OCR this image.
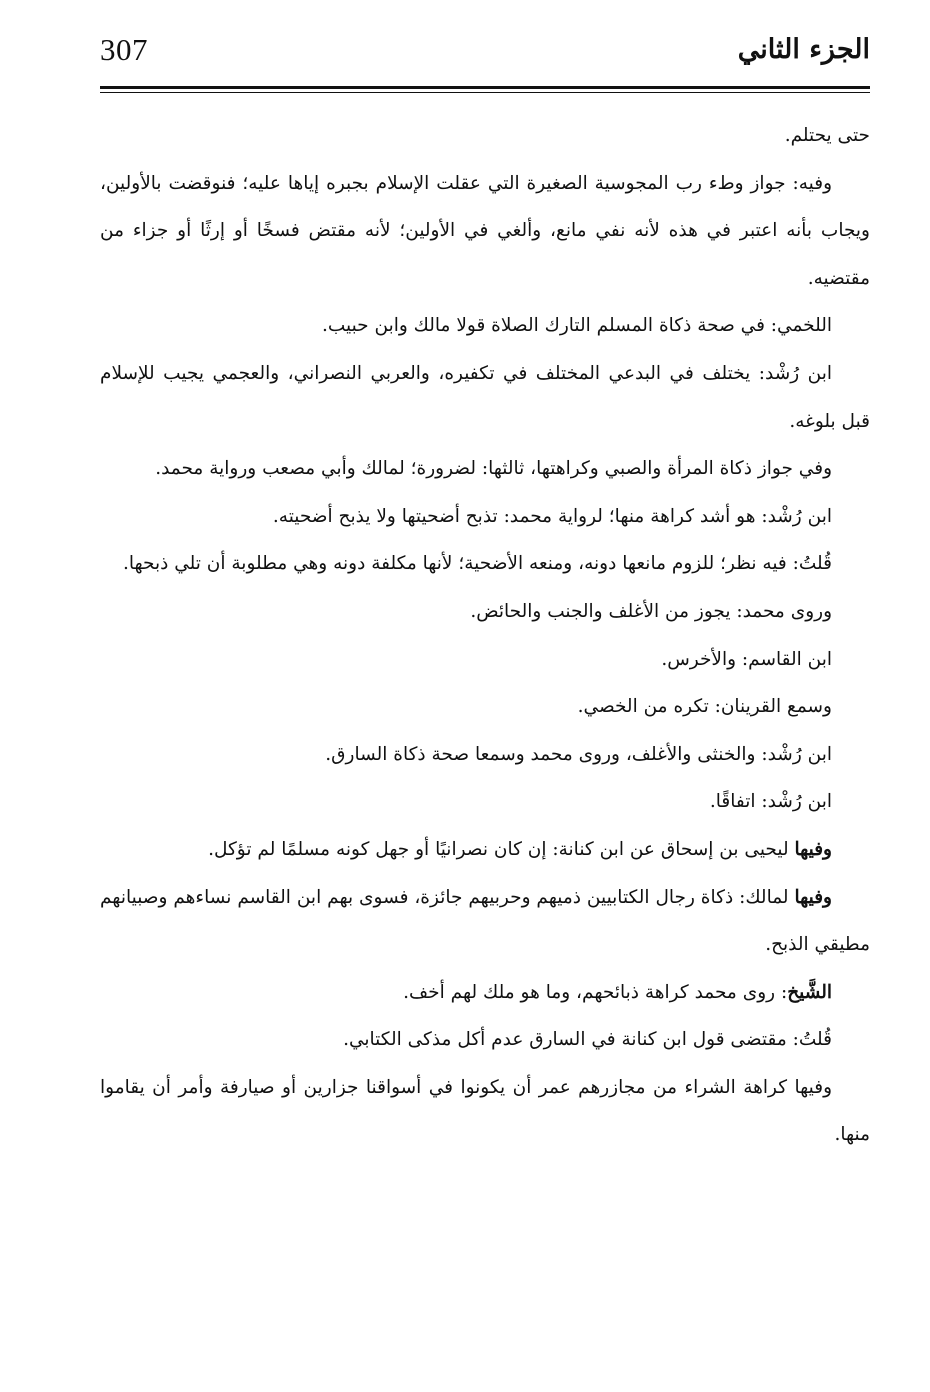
307	الجزء الثاني

حتى يحتلم.

وفيه: جواز وطء رب المجوسية الصغيرة التي عقلت الإسلام بجبره إياها عليه؛ فنوقضت بالأولين، ويجاب بأنه اعتبر في هذه لأنه نفي مانع، وألغي في الأولين؛ لأنه مقتض فسخًا أو إرثًا أو جزاء من مقتضيه.

اللخمي: في صحة ذكاة المسلم التارك الصلاة قولا مالك وابن حبيب.

ابن رُشْد: يختلف في البدعي المختلف في تكفيره، والعربي النصراني، والعجمي يجيب للإسلام قبل بلوغه.

وفي جواز ذكاة المرأة والصبي وكراهتها، ثالثها: لضرورة؛ لمالك وأبي مصعب ورواية محمد.

ابن رُشْد: هو أشد كراهة منها؛ لرواية محمد: تذبح أضحيتها ولا يذبح أضحيته.

قُلتُ: فيه نظر؛ للزوم مانعها دونه، ومنعه الأضحية؛ لأنها مكلفة دونه وهي مطلوبة أن تلي ذبحها.

وروى محمد: يجوز من الأغلف والجنب والحائض.

ابن القاسم: والأخرس.

وسمع القرينان: تكره من الخصي.

ابن رُشْد: والخنثى والأغلف، وروى محمد وسمعا صحة ذكاة السارق.

ابن رُشْد: اتفاقًا.

وفيها ليحيى بن إسحاق عن ابن كنانة: إن كان نصرانيًا أو جهل كونه مسلمًا لم تؤكل.

وفيها لمالك: ذكاة رجال الكتابيين ذميهم وحربيهم جائزة، فسوى بهم ابن القاسم نساءهم وصبيانهم مطيقي الذبح.

الشَّيخ: روى محمد كراهة ذبائحهم، وما هو ملك لهم أخف.

قُلتُ: مقتضى قول ابن كنانة في السارق عدم أكل مذكى الكتابي.

وفيها كراهة الشراء من مجازرهم عمر أن يكونوا في أسواقنا جزارين أو صيارفة وأمر أن يقاموا منها.
